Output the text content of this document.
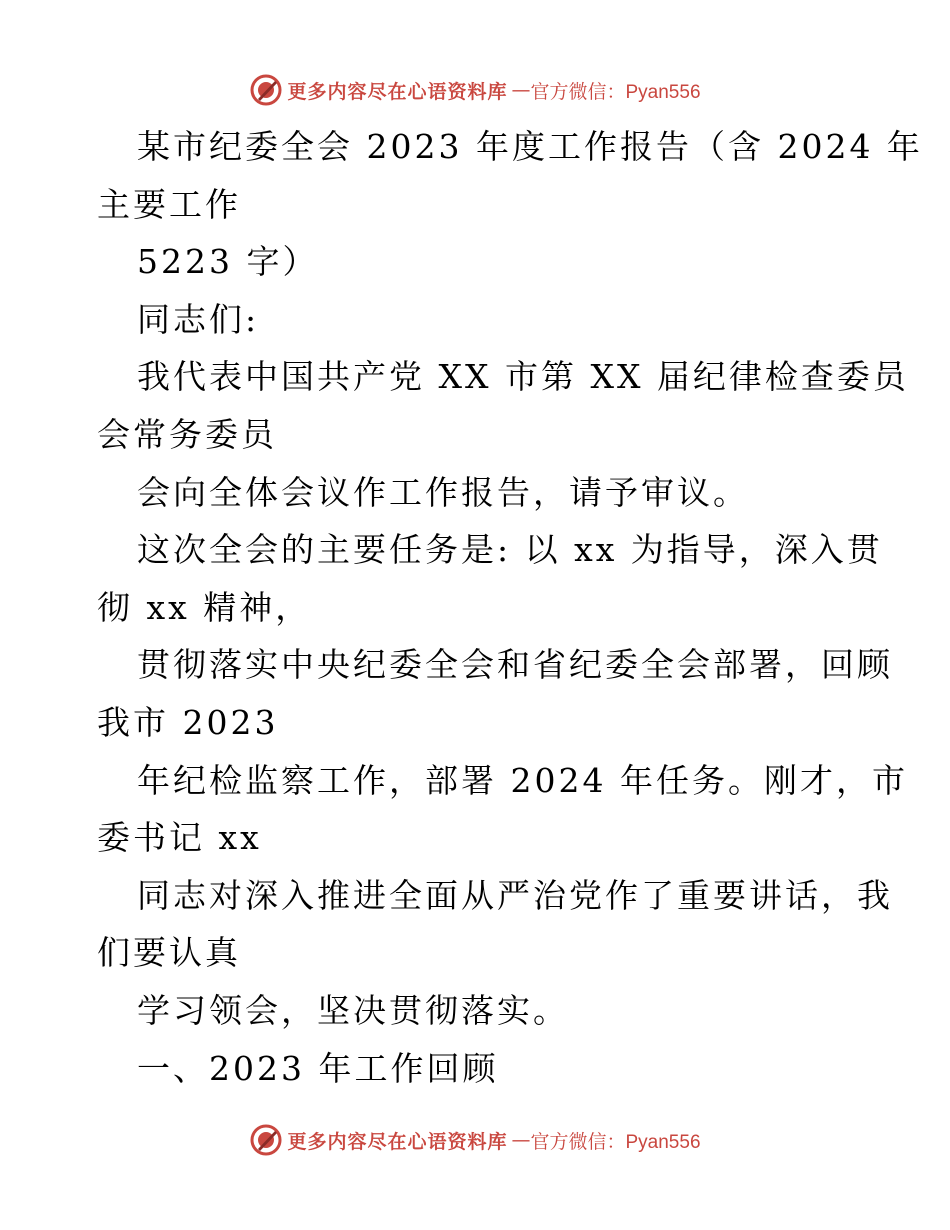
更多内容尽在心语资料库 — 官方微信：Pyan556
某市纪委全会 2023 年度工作报告（含 2024 年
主要工作
5223 字）
同志们:
我代表中国共产党 XX 市第 XX 届纪律检查委员
会常务委员
会向全体会议作工作报告，请予审议。
这次全会的主要任务是: 以 xx 为指导，深入贯
彻 xx 精神，
贯彻落实中央纪委全会和省纪委全会部署，回顾
我市 2023
年纪检监察工作，部署 2024 年任务。刚才，市
委书记 xx
同志对深入推进全面从严治党作了重要讲话，我
们要认真
学习领会，坚决贯彻落实。
一、2023 年工作回顾
更多内容尽在心语资料库 — 官方微信：Pyan556
